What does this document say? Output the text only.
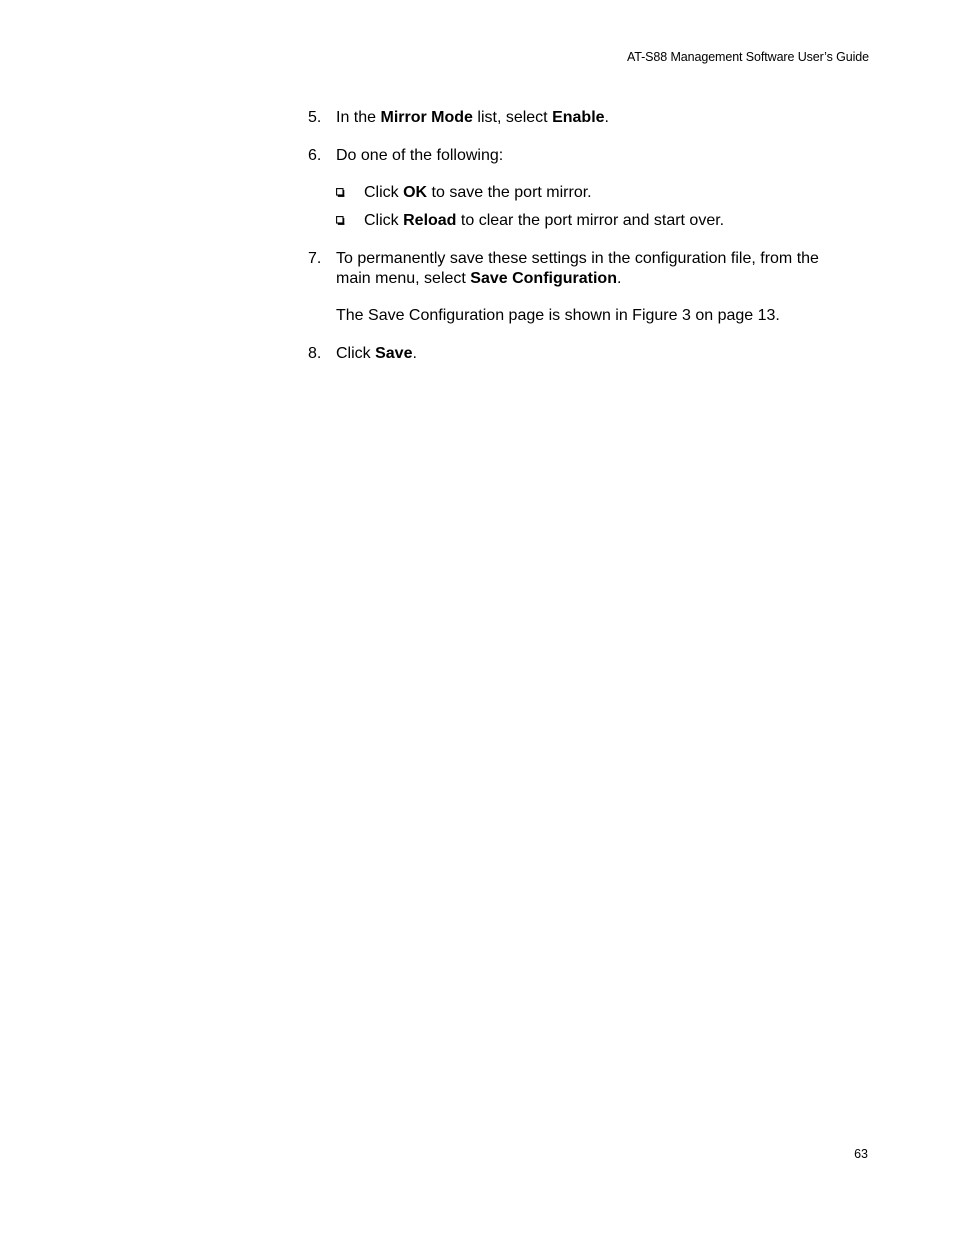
AT-S88 Management Software User’s Guide
5. In the Mirror Mode list, select Enable.
6. Do one of the following:
Click OK to save the port mirror.
Click Reload to clear the port mirror and start over.
7. To permanently save these settings in the configuration file, from the
main menu, select Save Configuration.
The Save Configuration page is shown in Figure 3 on page 13.
8. Click Save.
63
